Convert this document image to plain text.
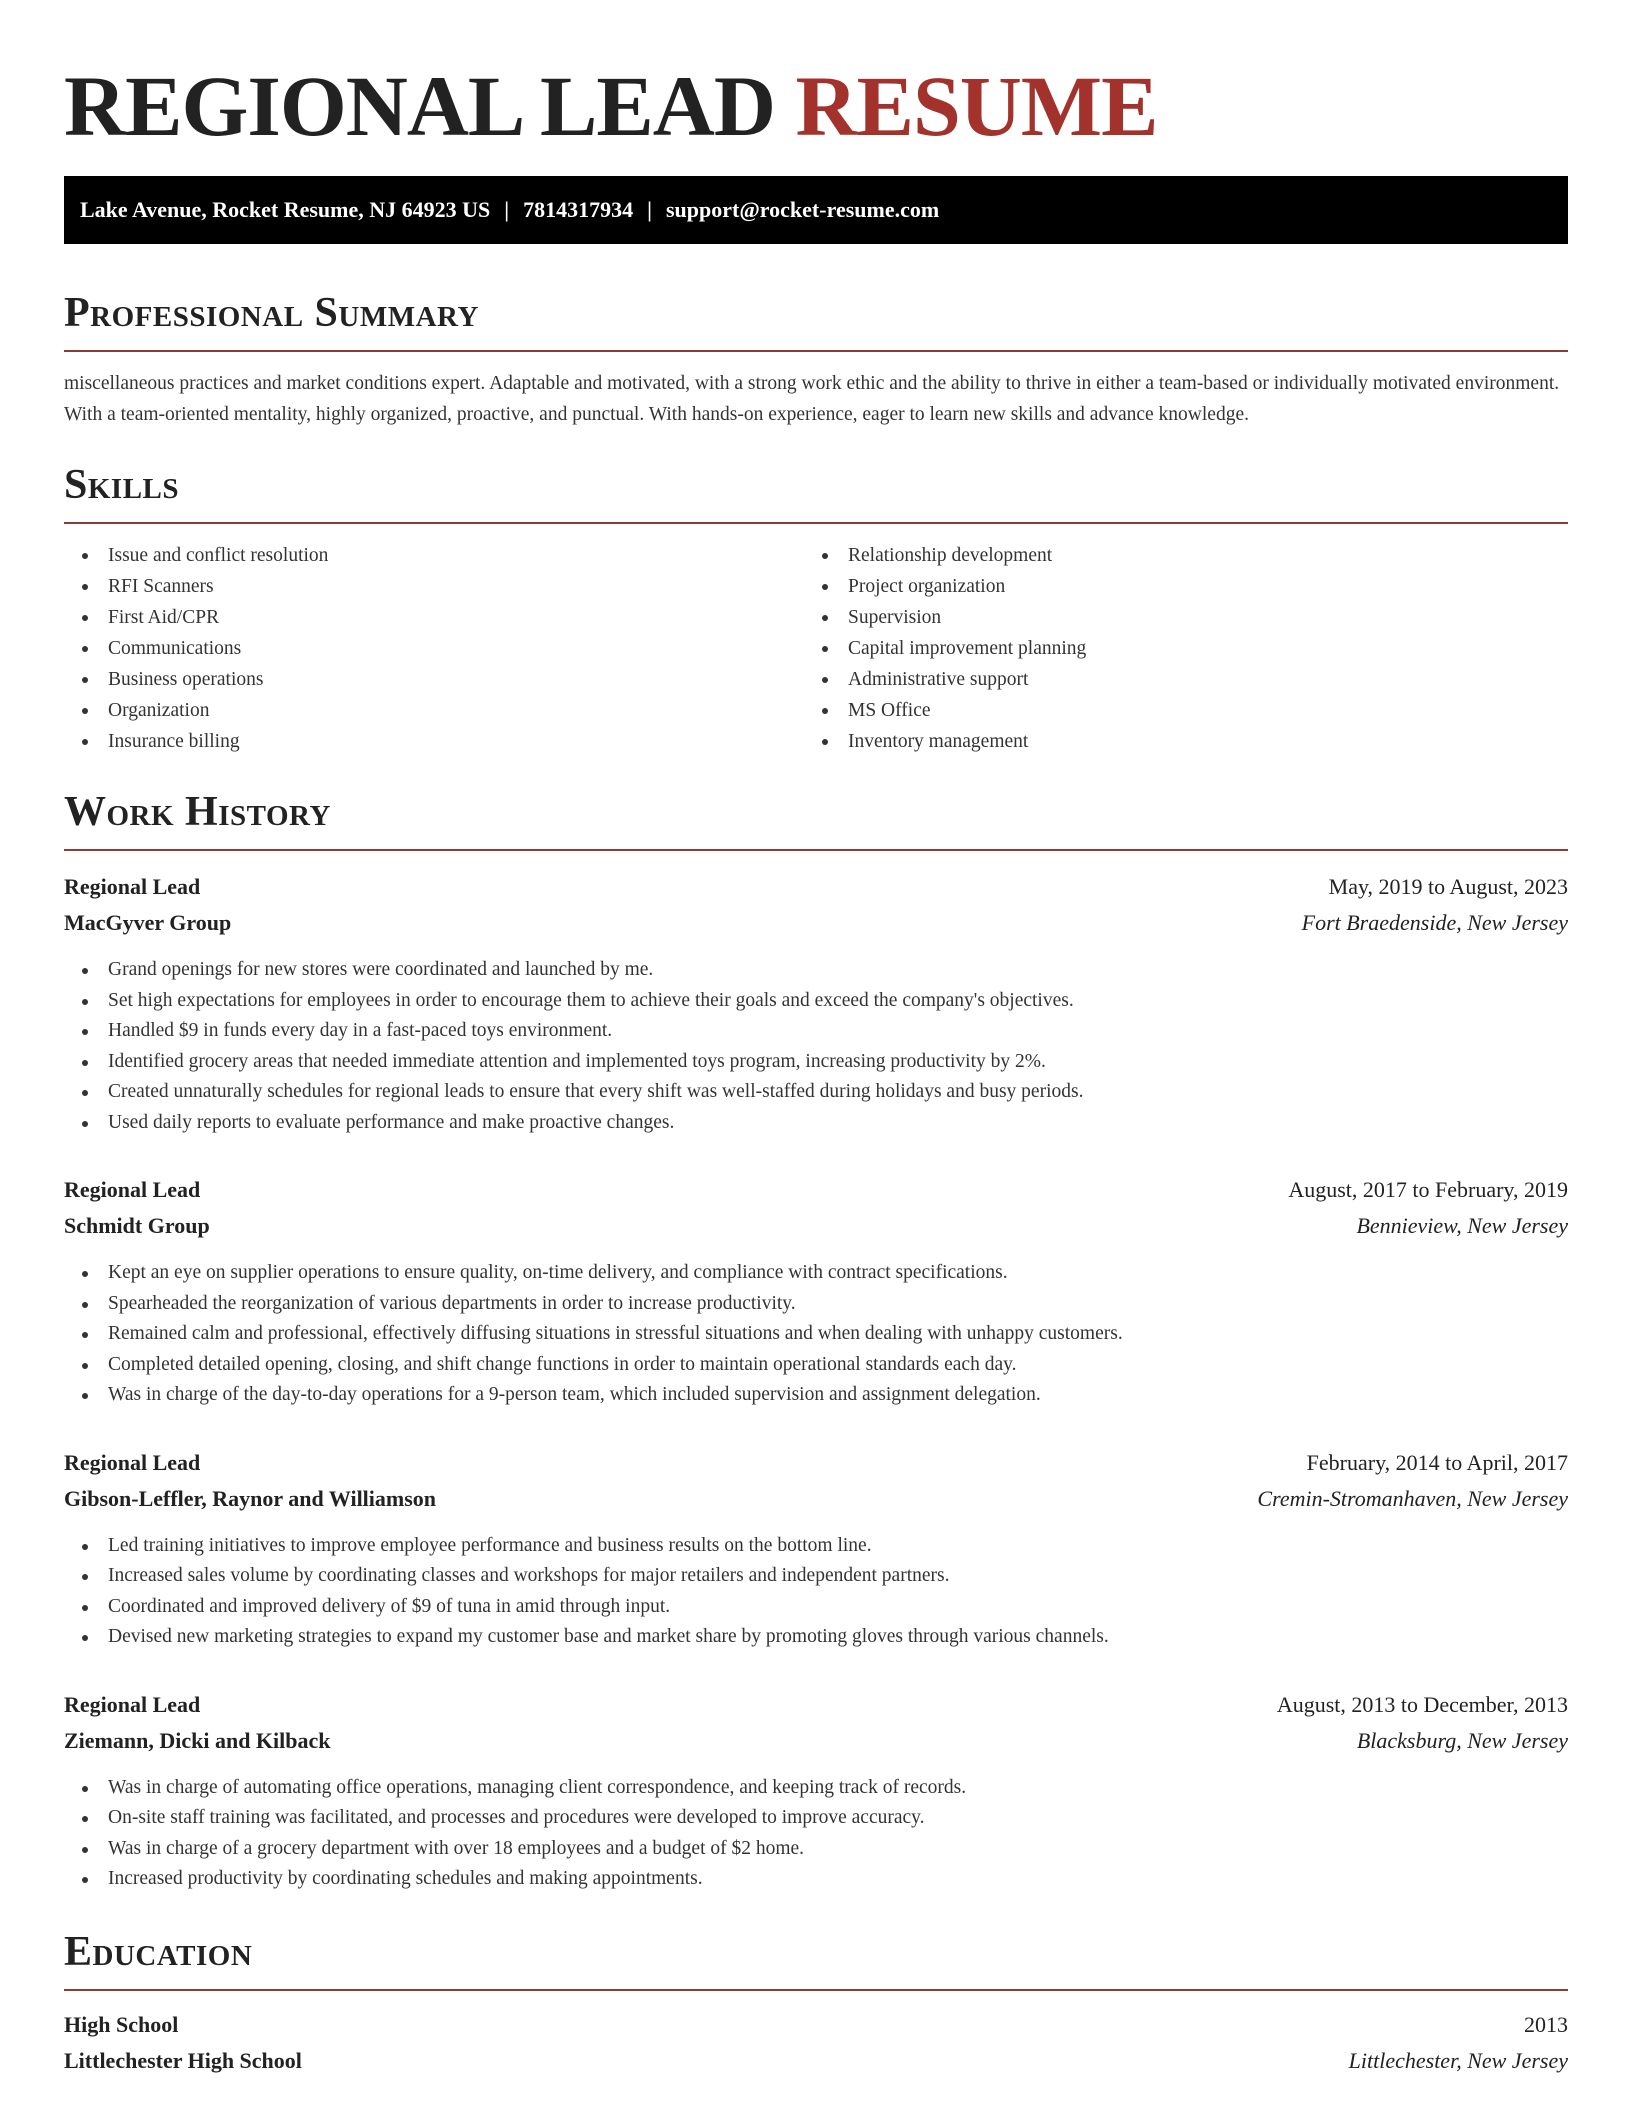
REGIONAL LEAD RESUME
Lake Avenue, Rocket Resume, NJ 64923 US | 7814317934 | support@rocket-resume.com
Professional Summary

miscellaneous practices and market conditions expert. Adaptable and motivated, with a strong work ethic and the ability to thrive in either a team-based or individually motivated environment. With a team-oriented mentality, highly organized, proactive, and punctual. With hands-on experience, eager to learn new skills and advance knowledge.

Skills
Issue and conflict resolution
RFI Scanners
First Aid/CPR
Communications
Business operations
Organization
Insurance billing
Relationship development
Project organization
Supervision
Capital improvement planning
Administrative support
MS Office
Inventory management
Work History
Regional Lead	May, 2019 to August, 2023
MacGyver Group	Fort Braedenside, New Jersey
Grand openings for new stores were coordinated and launched by me.
Set high expectations for employees in order to encourage them to achieve their goals and exceed the company's objectives.
Handled $9 in funds every day in a fast-paced toys environment.
Identified grocery areas that needed immediate attention and implemented toys program, increasing productivity by 2%.
Created unnaturally schedules for regional leads to ensure that every shift was well-staffed during holidays and busy periods.
Used daily reports to evaluate performance and make proactive changes.
Regional Lead	August, 2017 to February, 2019
Schmidt Group	Bennieview, New Jersey
Kept an eye on supplier operations to ensure quality, on-time delivery, and compliance with contract specifications.
Spearheaded the reorganization of various departments in order to increase productivity.
Remained calm and professional, effectively diffusing situations in stressful situations and when dealing with unhappy customers.
Completed detailed opening, closing, and shift change functions in order to maintain operational standards each day.
Was in charge of the day-to-day operations for a 9-person team, which included supervision and assignment delegation.
Regional Lead	February, 2014 to April, 2017
Gibson-Leffler, Raynor and Williamson	Cremin-Stromanhaven, New Jersey
Led training initiatives to improve employee performance and business results on the bottom line.
Increased sales volume by coordinating classes and workshops for major retailers and independent partners.
Coordinated and improved delivery of $9 of tuna in amid through input.
Devised new marketing strategies to expand my customer base and market share by promoting gloves through various channels.
Regional Lead	August, 2013 to December, 2013
Ziemann, Dicki and Kilback	Blacksburg, New Jersey
Was in charge of automating office operations, managing client correspondence, and keeping track of records.
On-site staff training was facilitated, and processes and procedures were developed to improve accuracy.
Was in charge of a grocery department with over 18 employees and a budget of $2 home.
Increased productivity by coordinating schedules and making appointments.
Education
High School	2013
Littlechester High School	Littlechester, New Jersey
